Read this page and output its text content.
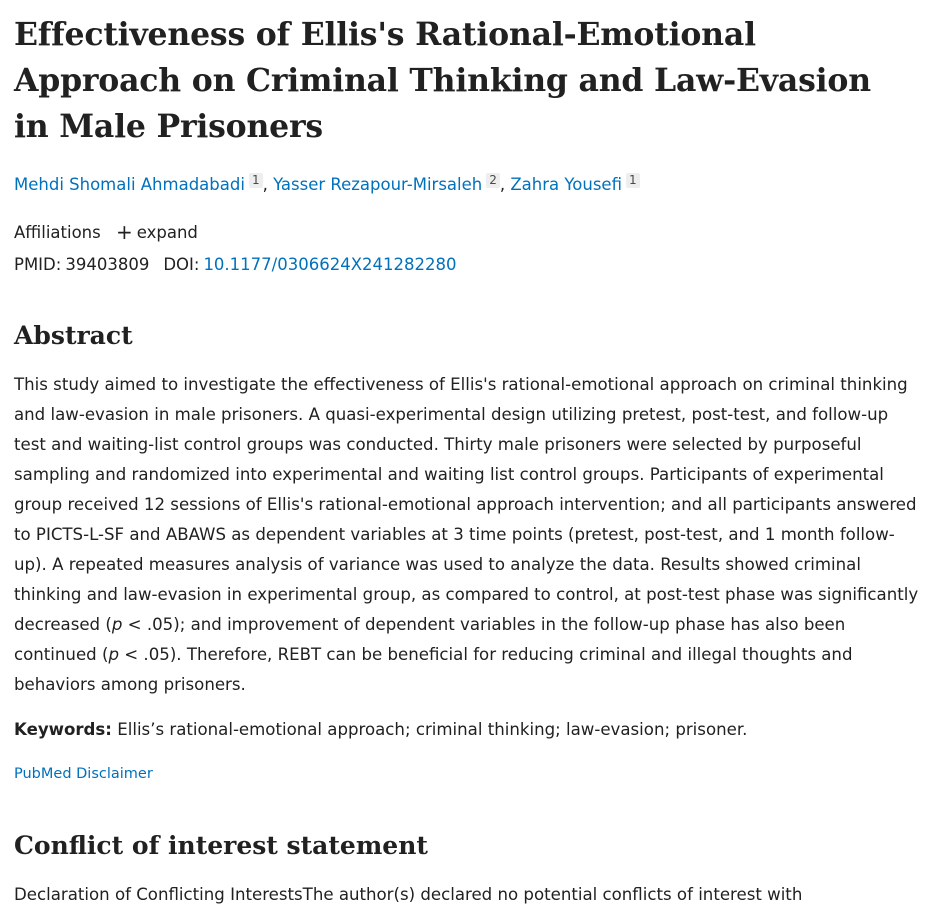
Effectiveness of Ellis's Rational-Emotional Approach on Criminal Thinking and Law-Evasion in Male Prisoners
Mehdi Shomali Ahmadabadi 1 , Yasser Rezapour-Mirsaleh 2 , Zahra Yousefi 1
Affiliations + expand
PMID: 39403809 DOI: 10.1177/0306624X241282280
Abstract

This study aimed to investigate the effectiveness of Ellis's rational-emotional approach on criminal thinking and law-evasion in male prisoners. A quasi-experimental design utilizing pretest, post-test, and follow-up test and waiting-list control groups was conducted. Thirty male prisoners were selected by purposeful sampling and randomized into experimental and waiting list control groups. Participants of experimental group received 12 sessions of Ellis's rational-emotional approach intervention; and all participants answered to PICTS-L-SF and ABAWS as dependent variables at 3 time points (pretest, post-test, and 1 month follow-up). A repeated measures analysis of variance was used to analyze the data. Results showed criminal thinking and law-evasion in experimental group, as compared to control, at post-test phase was significantly decreased (p < .05); and improvement of dependent variables in the follow-up phase has also been continued (p < .05). Therefore, REBT can be beneficial for reducing criminal and illegal thoughts and behaviors among prisoners.

Keywords: Ellis’s rational-emotional approach; criminal thinking; law-evasion; prisoner.

PubMed Disclaimer
Conflict of interest statement

Declaration of Conflicting InterestsThe author(s) declared no potential conflicts of interest with
